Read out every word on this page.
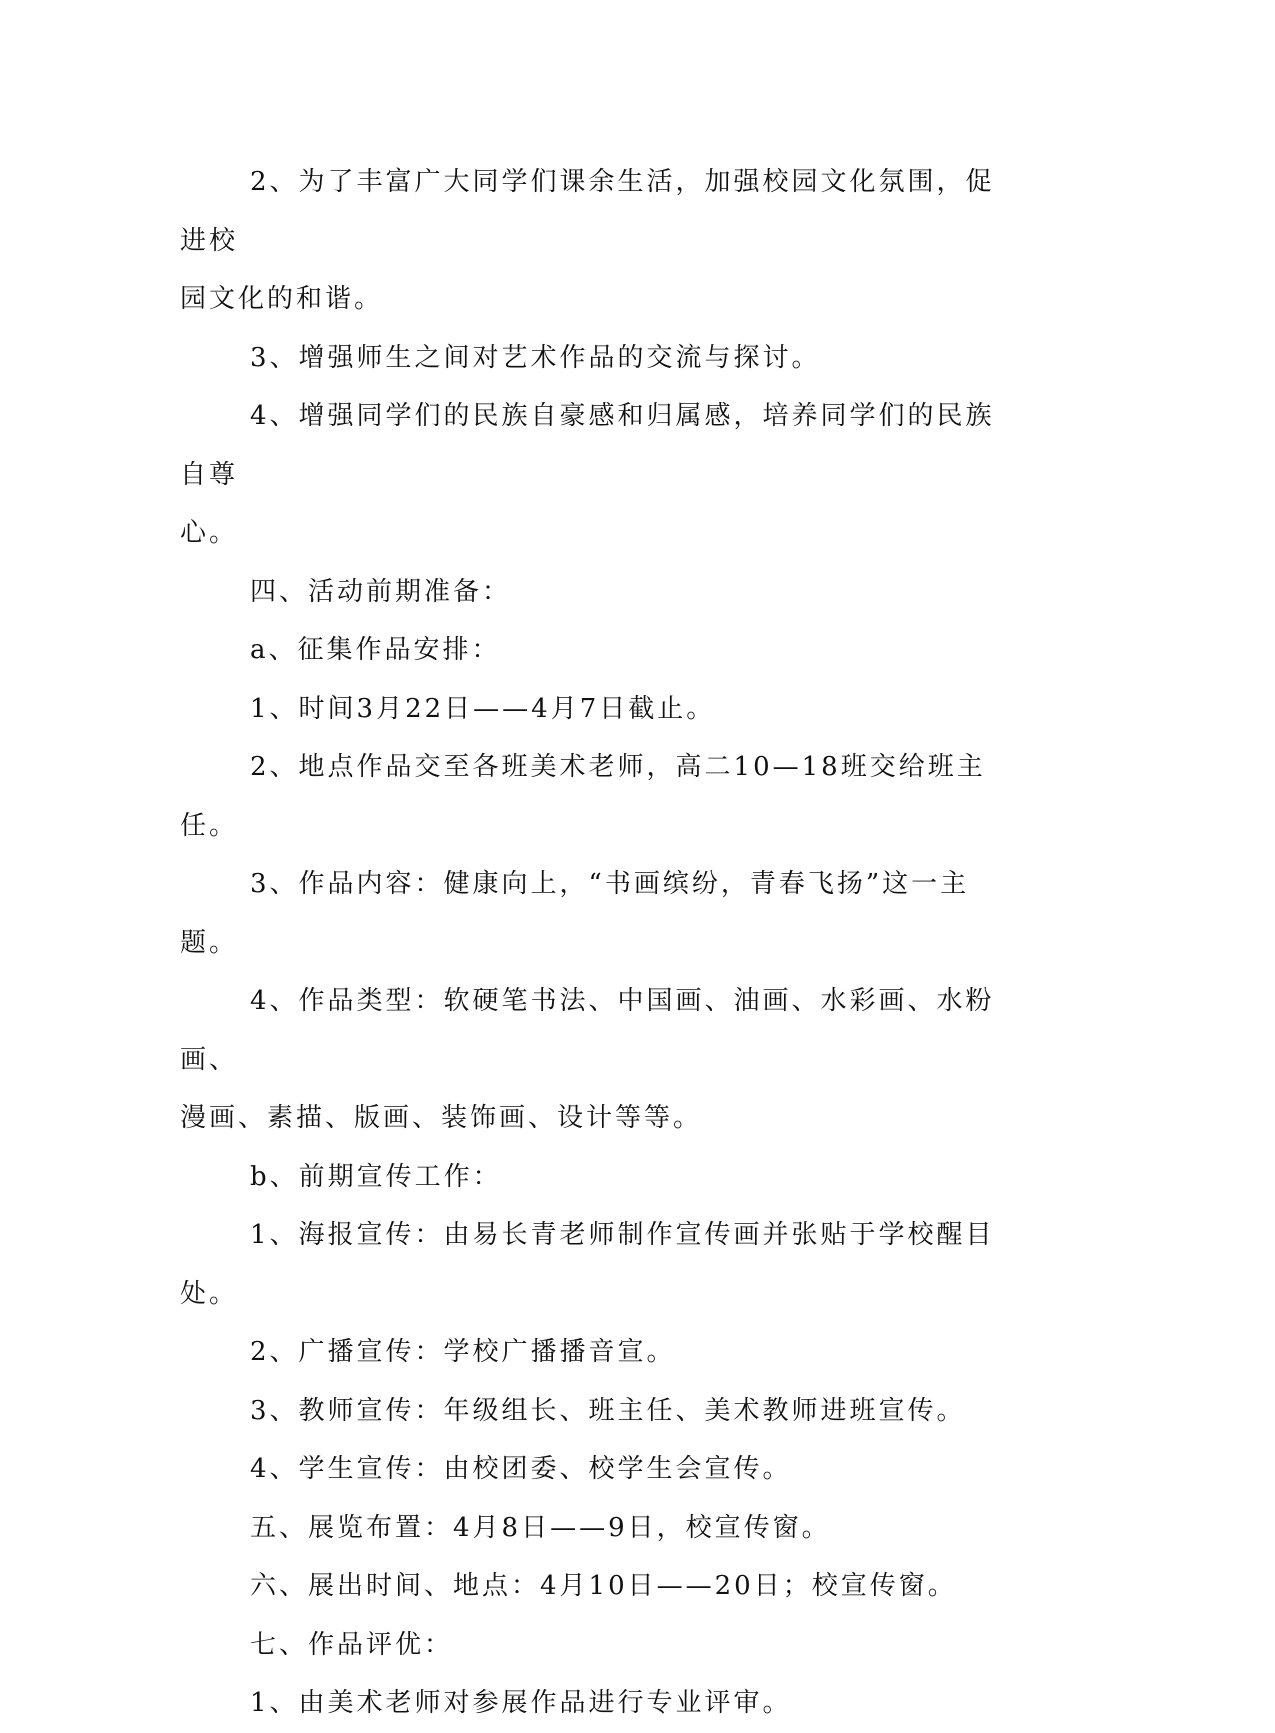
2、为了丰富广大同学们课余生活，加强校园文化氛围，促进校

园文化的和谐。

3、增强师生之间对艺术作品的交流与探讨。

4、增强同学们的民族自豪感和归属感，培养同学们的民族自尊

心。

四、活动前期准备：

a、征集作品安排：

1、时间3月22日——4月7日截止。

2、地点作品交至各班美术老师，高二10—18班交给班主任。

3、作品内容：健康向上，“书画缤纷，青春飞扬”这一主题。

4、作品类型：软硬笔书法、中国画、油画、水彩画、水粉画、

漫画、素描、版画、装饰画、设计等等。

b、前期宣传工作：

1、海报宣传：由易长青老师制作宣传画并张贴于学校醒目处。

2、广播宣传：学校广播播音宣。

3、教师宣传：年级组长、班主任、美术教师进班宣传。

4、学生宣传：由校团委、校学生会宣传。

五、展览布置：4月8日——9日，校宣传窗。

六、展出时间、地点：4月10日——20日；校宣传窗。

七、作品评优：

1、由美术老师对参展作品进行专业评审。
